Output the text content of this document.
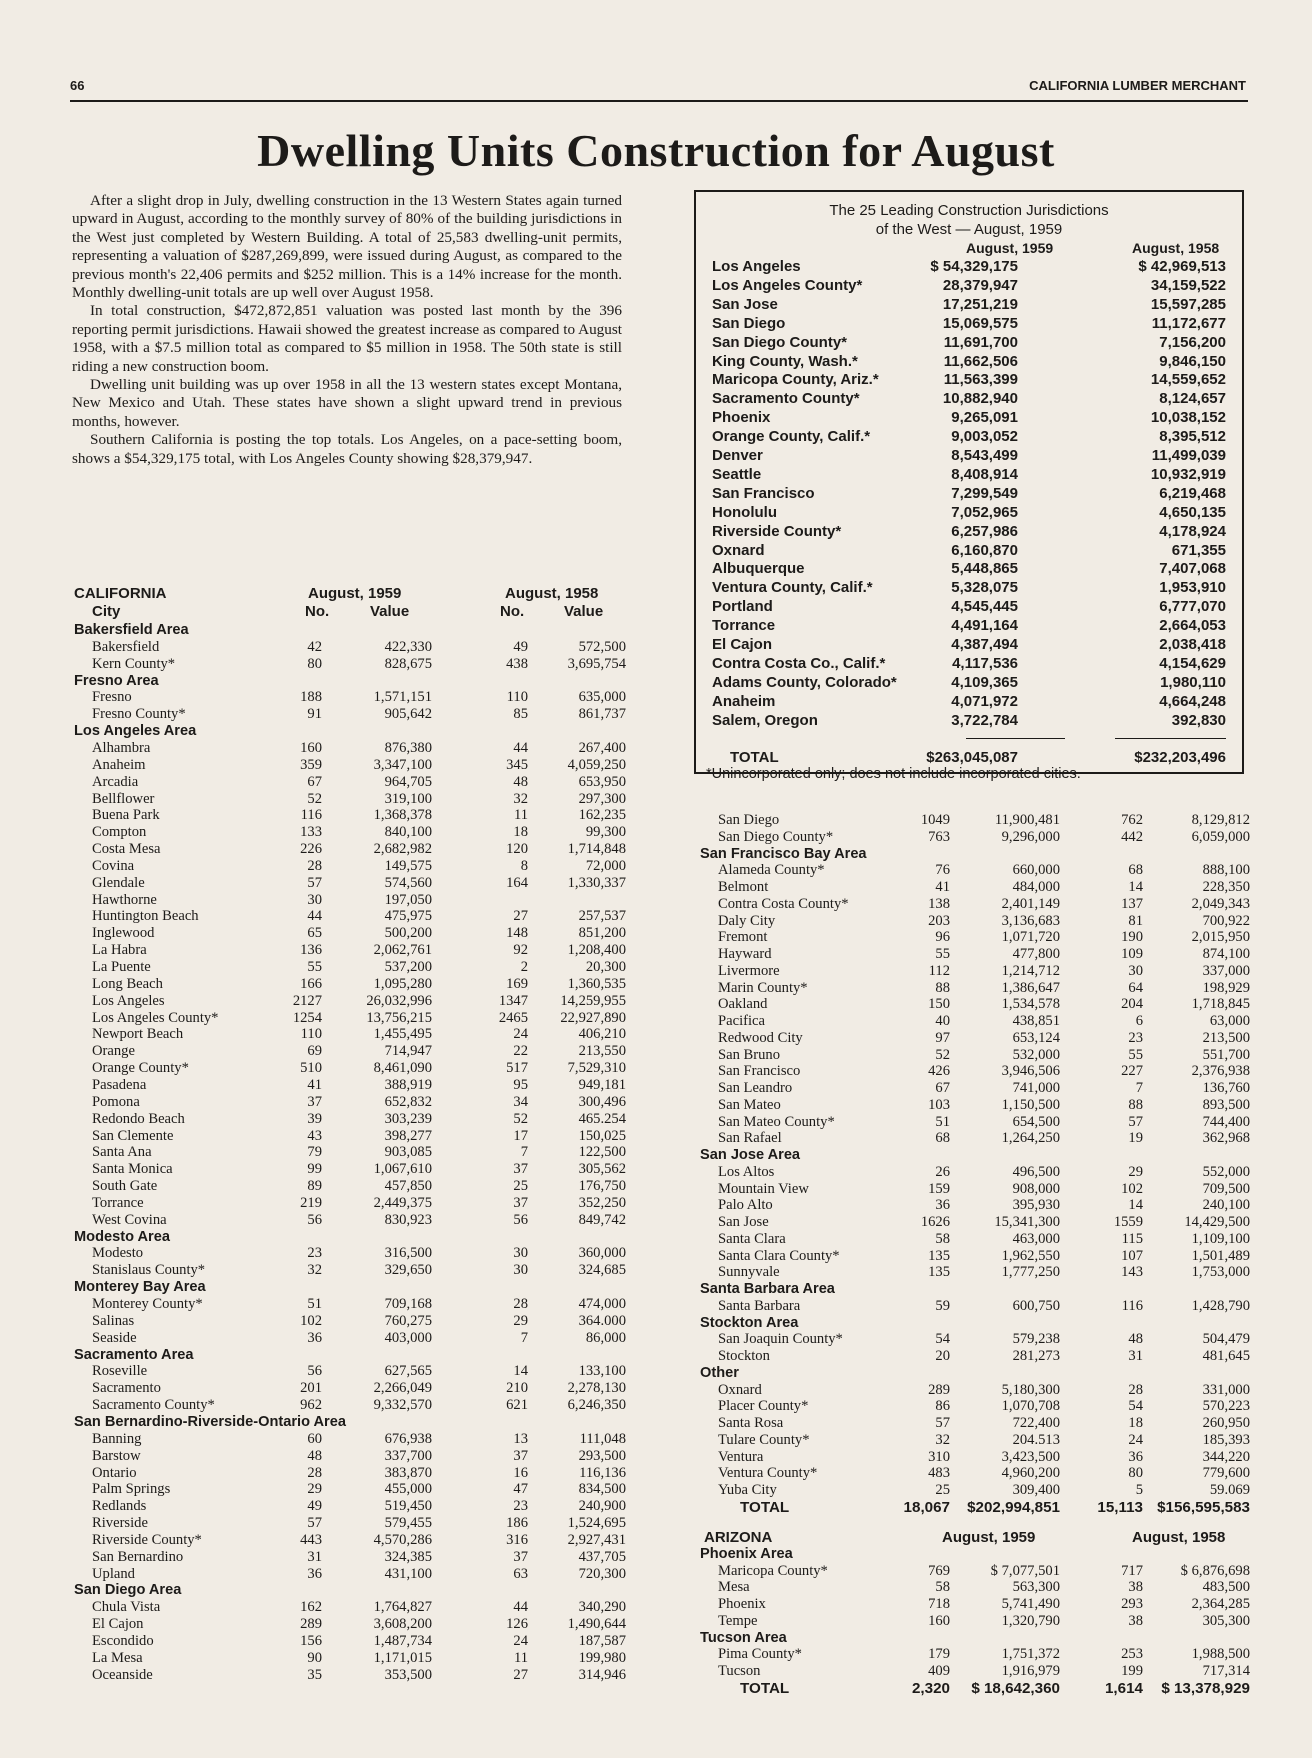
66	CALIFORNIA LUMBER MERCHANT
Dwelling Units Construction for August

After a slight drop in July, dwelling construction in the 13 Western States again turned upward in August, according to the monthly survey of 80% of the building jurisdictions in the West just completed by Western Building. A total of 25,583 dwelling-unit permits, representing a valuation of $287,269,899, were issued during August, as compared to the previous month's 22,406 permits and $252 million. This is a 14% increase for the month. Monthly dwelling-unit totals are up well over August 1958.

In total construction, $472,872,851 valuation was posted last month by the 396 reporting permit jurisdictions. Hawaii showed the greatest increase as compared to August 1958, with a $7.5 million total as compared to $5 million in 1958. The 50th state is still riding a new construction boom.

Dwelling unit building was up over 1958 in all the 13 western states except Montana, New Mexico and Utah. These states have shown a slight upward trend in previous months, however.

Southern California is posting the top totals. Los Angeles, on a pace-setting boom, shows a $54,329,175 total, with Los Angeles County showing $28,379,947.

The 25 Leading Construction Jurisdictions
of the West — August, 1959
August, 1959	August, 1958
TOTAL	$263,045,087	$232,203,496
*Unincorporated only; does not include incorporated cities.
Los Angeles	$ 54,329,175	$ 42,969,513
Los Angeles County*	28,379,947	34,159,522
San Jose	17,251,219	15,597,285
San Diego	15,069,575	11,172,677
San Diego County*	11,691,700	7,156,200
King County, Wash.*	11,662,506	9,846,150
Maricopa County, Ariz.*	11,563,399	14,559,652
Sacramento County*	10,882,940	8,124,657
Phoenix	9,265,091	10,038,152
Orange County, Calif.*	9,003,052	8,395,512
Denver	8,543,499	11,499,039
Seattle	8,408,914	10,932,919
San Francisco	7,299,549	6,219,468
Honolulu	7,052,965	4,650,135
Riverside County*	6,257,986	4,178,924
Oxnard	6,160,870	671,355
Albuquerque	5,448,865	7,407,068
Ventura County, Calif.*	5,328,075	1,953,910
Portland	4,545,445	6,777,070
Torrance	4,491,164	2,664,053
El Cajon	4,387,494	2,038,418
Contra Costa Co., Calif.*	4,117,536	4,154,629
Adams County, Colorado*	4,109,365	1,980,110
Anaheim	4,071,972	4,664,248
Salem, Oregon	3,722,784	392,830
CALIFORNIA
City
August, 1959	August, 1958
No.	Value	No.	Value
Bakersfield Area
Bakersfield	42	422,330	49	572,500
Kern County*	80	828,675	438	3,695,754
Fresno Area
Fresno	188	1,571,151	110	635,000
Fresno County*	91	905,642	85	861,737
Los Angeles Area
Alhambra	160	876,380	44	267,400
Anaheim	359	3,347,100	345	4,059,250
Arcadia	67	964,705	48	653,950
Bellflower	52	319,100	32	297,300
Buena Park	116	1,368,378	11	162,235
Compton	133	840,100	18	99,300
Costa Mesa	226	2,682,982	120	1,714,848
Covina	28	149,575	8	72,000
Glendale	57	574,560	164	1,330,337
Hawthorne	30	197,050
Huntington Beach	44	475,975	27	257,537
Inglewood	65	500,200	148	851,200
La Habra	136	2,062,761	92	1,208,400
La Puente	55	537,200	2	20,300
Long Beach	166	1,095,280	169	1,360,535
Los Angeles	2127	26,032,996	1347 14,259,955
Los Angeles County*	1254	13,756,215	2465 22,927,890
Newport Beach	110	1,455,495	24	406,210
Orange	69	714,947	22	213,550
Orange County*	510	8,461,090	517	7,529,310
Pasadena	41	388,919	95	949,181
Pomona	37	652,832	34	300,496
Redondo Beach	39	303,239	52	465.254
San Clemente	43	398,277	17	150,025
Santa Ana	79	903,085	7	122,500
Santa Monica	99	1,067,610	37	305,562
South Gate	89	457,850	25	176,750
Torrance	219	2,449,375	37	352,250
West Covina	56	830,923	56	849,742
Modesto Area
Modesto	23	316,500	30	360,000
Stanislaus County*	32	329,650	30	324,685
Monterey Bay Area
Monterey County*	51	709,168	28	474,000
Salinas	102	760,275	29	364.000
Seaside	36	403,000	7	86,000
Sacramento Area
Roseville	56	627,565	14	133,100
Sacramento	201	2,266,049	210	2,278,130
Sacramento County*	962	9,332,570	621	6,246,350
San Bernardino-Riverside-Ontario Area
Banning	60	676,938	13	111,048
Barstow	48	337,700	37	293,500
Ontario	28	383,870	16	116,136
Palm Springs	29	455,000	47	834,500
Redlands	49	519,450	23	240,900
Riverside	57	579,455	186	1,524,695
Riverside County*	443	4,570,286	316	2,927,431
San Bernardino	31	324,385	37	437,705
Upland	36	431,100	63	720,300
San Diego Area
Chula Vista	162	1,764,827	44	340,290
El Cajon	289	3,608,200	126	1,490,644
Escondido	156	1,487,734	24	187,587
La Mesa	90	1,171,015	11	199,980
Oceanside	35	353,500	27	314,946
San Diego	1049	11,900,481	762	8,129,812
San Diego County*	763	9,296,000	442	6,059,000
San Francisco Bay Area
Alameda County*	76	660,000	68	888,100
Belmont	41	484,000	14	228,350
Contra Costa County*	138	2,401,149	137	2,049,343
Daly City	203	3,136,683	81	700,922
Fremont	96	1,071,720	190	2,015,950
Hayward	55	477,800	109	874,100
Livermore	112	1,214,712	30	337,000
Marin County*	88	1,386,647	64	198,929
Oakland	150	1,534,578	204	1,718,845
Pacifica	40	438,851	6	63,000
Redwood City	97	653,124	23	213,500
San Bruno	52	532,000	55	551,700
San Francisco	426	3,946,506	227	2,376,938
San Leandro	67	741,000	7	136,760
San Mateo	103	1,150,500	88	893,500
San Mateo County*	51	654,500	57	744,400
San Rafael	68	1,264,250	19	362,968
San Jose Area
Los Altos	26	496,500	29	552,000
Mountain View	159	908,000	102	709,500
Palo Alto	36	395,930	14	240,100
San Jose	1626	15,341,300	1559	14,429,500
Santa Clara	58	463,000	115	1,109,100
Santa Clara County*	135	1,962,550	107	1,501,489
Sunnyvale	135	1,777,250	143	1,753,000
Santa Barbara Area
Santa Barbara	59	600,750	116	1,428,790
Stockton Area
San Joaquin County*	54	579,238	48	504,479
Stockton	20	281,273	31	481,645
Other
Oxnard	289	5,180,300	28	331,000
Placer County*	86	1,070,708	54	570,223
Santa Rosa	57	722,400	18	260,950
Tulare County*	32	204.513	24	185,393
Ventura	310	3,423,500	36	344,220
Ventura County*	483	4,960,200	80	779,600
Yuba City	25	309,400	5	59.069
TOTAL	18,067 $202,994,851 15,113 $156,595,583
ARIZONA	August, 1959	August, 1958
Phoenix Area
Maricopa County*	769	$ 7,077,501	717	$ 6,876,698
Mesa	58	563,300	38	483,500
Phoenix	718	5,741,490	293	2,364,285
Tempe	160	1,320,790	38	305,300
Tucson Area
Pima County*	179	1,751,372	253	1,988,500
Tucson	409	1,916,979	199	717,314
TOTAL	2,320 $ 18,642,360	1,614 $ 13,378,929
